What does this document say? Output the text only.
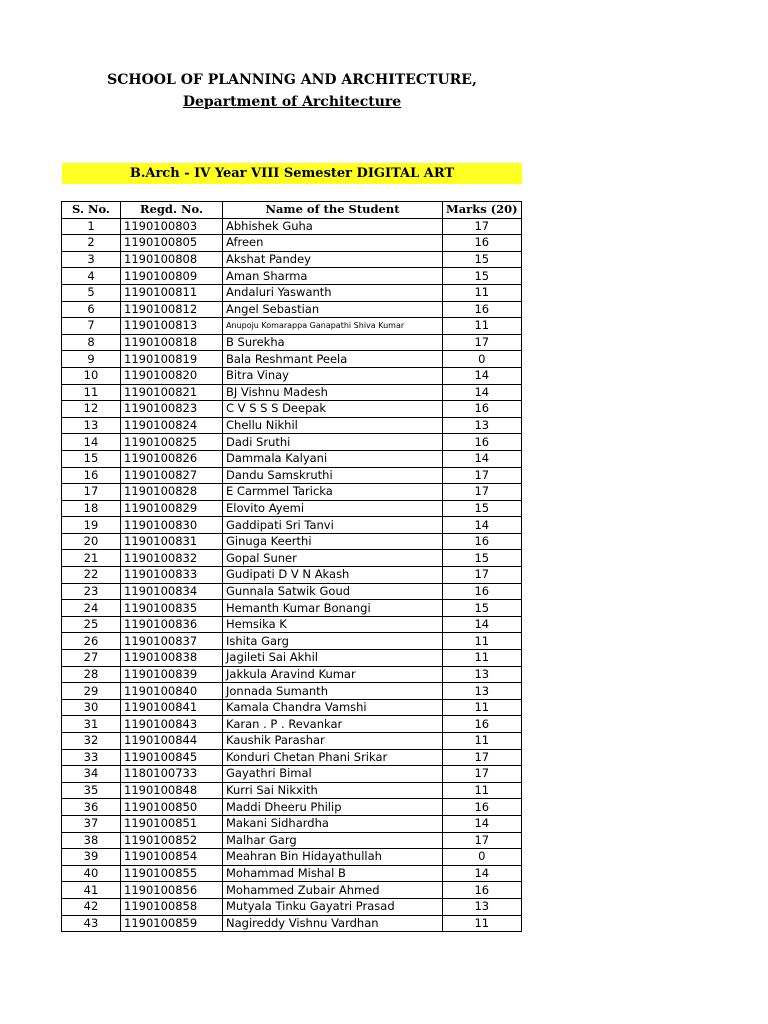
SCHOOL OF PLANNING AND ARCHITECTURE,
Department of Architecture
B.Arch - IV Year VIII Semester DIGITAL ART
S. No.	Regd. No.	Name of the Student	Marks (20)
1	1190100803	Abhishek Guha	17
2	1190100805	Afreen	16
3	1190100808	Akshat Pandey	15
4	1190100809	Aman Sharma	15
5	1190100811	Andaluri Yaswanth	11
6	1190100812	Angel Sebastian	16
7	1190100813	Anupoju Komarappa Ganapathi Shiva Kumar	11
8	1190100818	B Surekha	17
9	1190100819	Bala Reshmant Peela	0
10	1190100820	Bitra Vinay	14
11	1190100821	BJ Vishnu Madesh	14
12	1190100823	C V S S S Deepak	16
13	1190100824	Chellu Nikhil	13
14	1190100825	Dadi Sruthi	16
15	1190100826	Dammala Kalyani	14
16	1190100827	Dandu Samskruthi	17
17	1190100828	E Carmmel Taricka	17
18	1190100829	Elovito Ayemi	15
19	1190100830	Gaddipati Sri Tanvi	14
20	1190100831	Ginuga Keerthi	16
21	1190100832	Gopal Suner	15
22	1190100833	Gudipati D V N Akash	17
23	1190100834	Gunnala Satwik Goud	16
24	1190100835	Hemanth Kumar Bonangi	15
25	1190100836	Hemsika K	14
26	1190100837	Ishita Garg	11
27	1190100838	Jagileti Sai Akhil	11
28	1190100839	Jakkula Aravind Kumar	13
29	1190100840	Jonnada Sumanth	13
30	1190100841	Kamala Chandra Vamshi	11
31	1190100843	Karan . P . Revankar	16
32	1190100844	Kaushik Parashar	11
33	1190100845	Konduri Chetan Phani Srikar	17
34	1180100733	Gayathri Bimal	17
35	1190100848	Kurri Sai Nikxith	11
36	1190100850	Maddi Dheeru Philip	16
37	1190100851	Makani Sidhardha	14
38	1190100852	Malhar Garg	17
39	1190100854	Meahran Bin Hidayathullah	0
40	1190100855	Mohammad Mishal B	14
41	1190100856	Mohammed Zubair Ahmed	16
42	1190100858	Mutyala Tinku Gayatri Prasad	13
43	1190100859	Nagireddy Vishnu Vardhan	11
